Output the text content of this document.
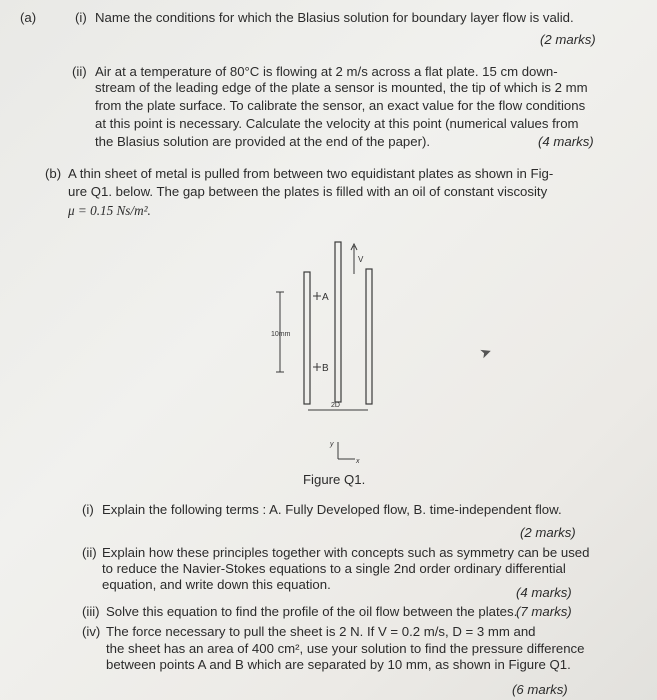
(a)	(i) Name the conditions for which the Blasius solution for boundary layer flow is valid.
(2 marks)
(ii) Air at a temperature of 80°C is flowing at 2 m/s across a flat plate. 15 cm down-
stream of the leading edge of the plate a sensor is mounted, the tip of which is 2 mm
from the plate surface. To calibrate the sensor, an exact value for the flow conditions
at this point is necessary. Calculate the velocity at this point (numerical values from
the Blasius solution are provided at the end of the paper).	(4 marks)
(b) A thin sheet of metal is pulled from between two equidistant plates as shown in Fig-
ure Q1. below. The gap between the plates is filled with an oil of constant viscosity
μ = 0.15 Ns/m².
V
A
B
10mm
2D
y
x
➤
Figure Q1.
(i) Explain the following terms : A. Fully Developed flow, B. time-independent flow.
(2 marks)
(ii) Explain how these principles together with concepts such as symmetry can be used
to reduce the Navier-Stokes equations to a single 2nd order ordinary differential
equation, and write down this equation.
(4 marks)
(iii) Solve this equation to find the profile of the oil flow between the plates.
(7 marks)
(iv) The force necessary to pull the sheet is 2 N. If V = 0.2 m/s, D = 3 mm and
the sheet has an area of 400 cm², use your solution to find the pressure difference
between points A and B which are separated by 10 mm, as shown in Figure Q1.
(6 marks)
